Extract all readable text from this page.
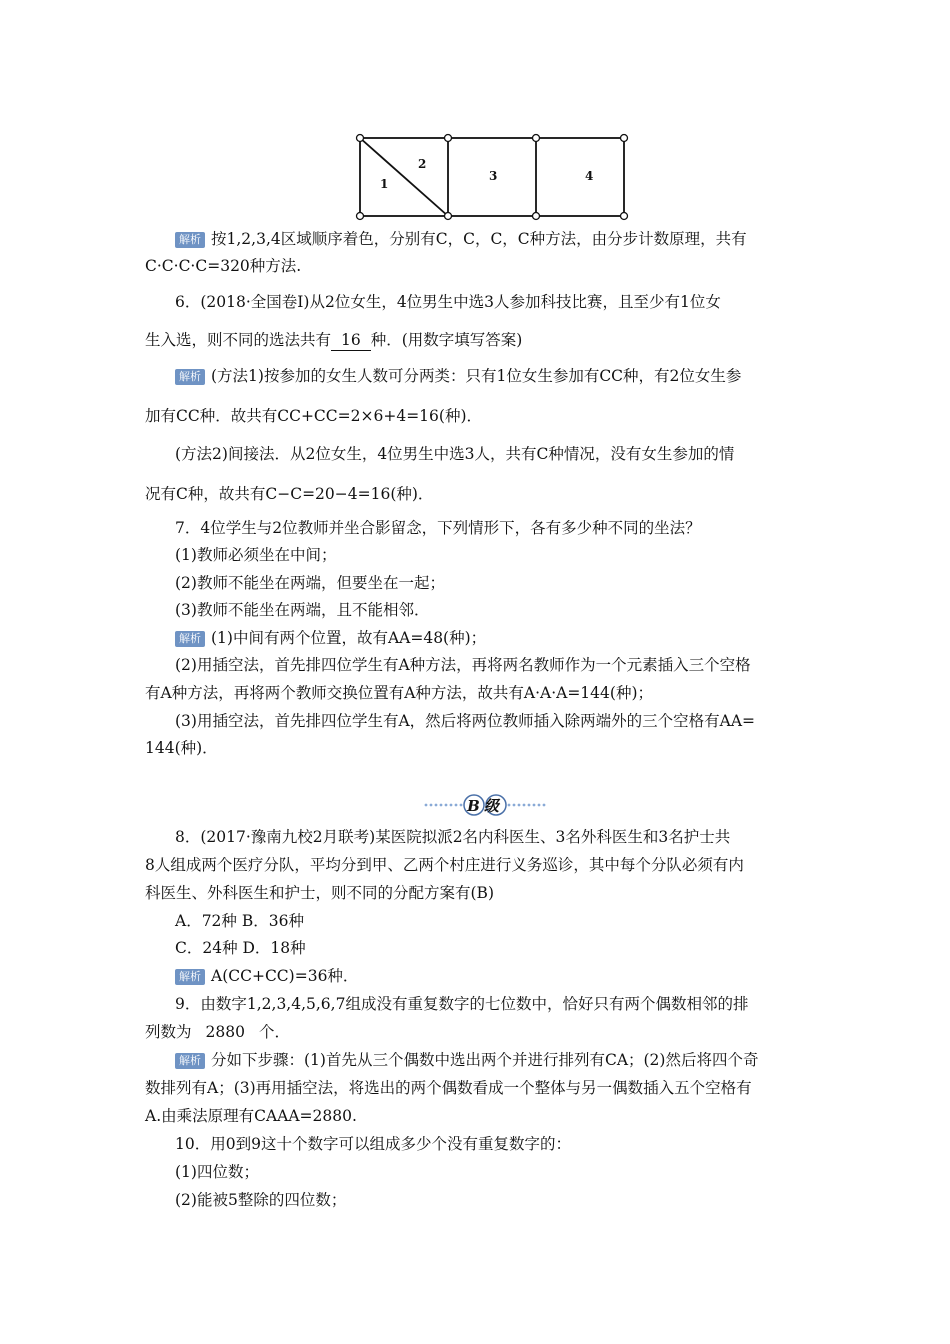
1
2
3	4
解析 按1,2,3,4区域顺序着色，分别有C，C，C，C种方法，由分步计数原理，共有
C·C·C·C=320种方法.
6．(2018·全国卷Ⅰ)从2位女生，4位男生中选3人参加科技比赛，且至少有1位女
生入选，则不同的选法共有 16 种．(用数字填写答案)
解析 (方法1)按参加的女生人数可分两类：只有1位女生参加有CC种，有2位女生参
加有CC种．故共有CC+CC=2×6+4=16(种)．
(方法2)间接法．从2位女生，4位男生中选3人，共有C种情况，没有女生参加的情
况有C种，故共有C−C=20−4=16(种)．
7．4位学生与2位教师并坐合影留念，下列情形下，各有多少种不同的坐法？
(1)教师必须坐在中间；
(2)教师不能坐在两端，但要坐在一起；
(3)教师不能坐在两端，且不能相邻．
解析 (1)中间有两个位置，故有AA=48(种)；
(2)用插空法，首先排四位学生有A种方法，再将两名教师作为一个元素插入三个空格
有A种方法，再将两个教师交换位置有A种方法，故共有A·A·A=144(种)；
(3)用插空法，首先排四位学生有A，然后将两位教师插入除两端外的三个空格有AA=
144(种)．
B级
8．(2017·豫南九校2月联考)某医院拟派2名内科医生、3名外科医生和3名护士共
8人组成两个医疗分队，平均分到甲、乙两个村庄进行义务巡诊，其中每个分队必须有内
科医生、外科医生和护士，则不同的分配方案有(B)
A．72种 B．36种
C．24种 D．18种
解析 A(CC+CC)=36种．
9．由数字1,2,3,4,5,6,7组成没有重复数字的七位数中，恰好只有两个偶数相邻的排
列数为 2880 个．
解析 分如下步骤：(1)首先从三个偶数中选出两个并进行排列有CA；(2)然后将四个奇
数排列有A；(3)再用插空法，将选出的两个偶数看成一个整体与另一偶数插入五个空格有
A.由乘法原理有CAAA=2880.
10．用0到9这十个数字可以组成多少个没有重复数字的：
(1)四位数；
(2)能被5整除的四位数；
